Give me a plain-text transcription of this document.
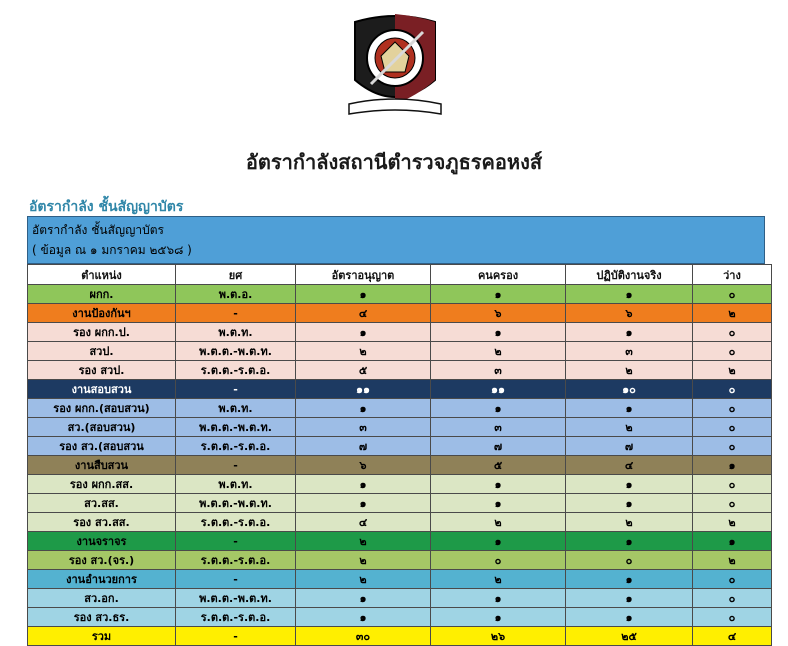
อัตรากำลังสถานีตำรวจภูธรคอหงส์
อัตรากำลัง ชั้นสัญญาบัตร
อัตรากำลัง ชั้นสัญญาบัตร
( ข้อมูล ณ ๑ มกราคม ๒๕๖๘ )
ตำแหน่ง	ยศ	อัตราอนุญาต	คนครอง	ปฏิบัติงานจริง	ว่าง
ผกก.	พ.ต.อ.	๑	๑	๑	๐
งานป้องกันฯ	-	๔	๖	๖	๒
รอง ผกก.ป.	พ.ต.ท.	๑	๑	๑	๐
สวป.	พ.ต.ต.-พ.ต.ท.	๒	๒	๓	๐
รอง สวป.	ร.ต.ต.-ร.ต.อ.	๕	๓	๒	๒
งานสอบสวน	-	๑๑	๑๑	๑๐	๐
รอง ผกก.(สอบสวน)	พ.ต.ท.	๑	๑	๑	๐
สว.(สอบสวน)	พ.ต.ต.-พ.ต.ท.	๓	๓	๒	๐
รอง สว.(สอบสวน	ร.ต.ต.-ร.ต.อ.	๗	๗	๗	๐
งานสืบสวน	-	๖	๕	๔	๑
รอง ผกก.สส.	พ.ต.ท.	๑	๑	๑	๐
สว.สส.	พ.ต.ต.-พ.ต.ท.	๑	๑	๑	๐
รอง สว.สส.	ร.ต.ต.-ร.ต.อ.	๔	๒	๒	๒
งานจราจร	-	๒	๑	๑	๑
รอง สว.(จร.)	ร.ต.ต.-ร.ต.อ.	๒	๐	๐	๒
งานอำนวยการ	-	๒	๒	๑	๐
สว.อก.	พ.ต.ต.-พ.ต.ท.	๑	๑	๑	๐
รอง สว.ธร.	ร.ต.ต.-ร.ต.อ.	๑	๑	๑	๐
รวม	-	๓๐	๒๖	๒๕	๔
